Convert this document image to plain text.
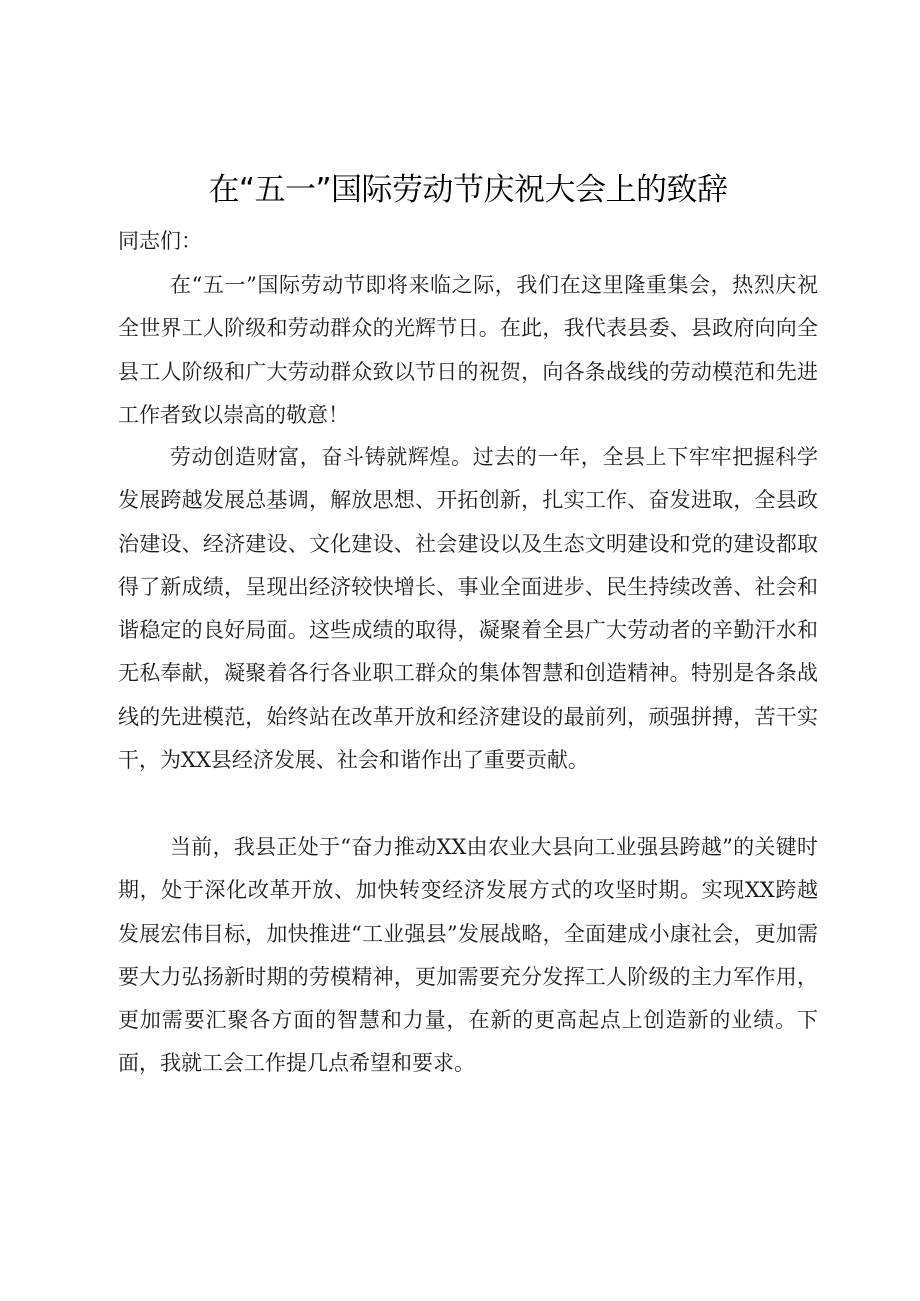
在“五一”国际劳动节庆祝大会上的致辞
同志们：
在“五一”国际劳动节即将来临之际，我们在这里隆重集会，热烈庆祝全世界工人阶级和劳动群众的光辉节日。在此，我代表县委、县政府向向全县工人阶级和广大劳动群众致以节日的祝贺，向各条战线的劳动模范和先进工作者致以崇高的敬意！
劳动创造财富，奋斗铸就辉煌。过去的一年，全县上下牢牢把握科学发展跨越发展总基调，解放思想、开拓创新，扎实工作、奋发进取，全县政治建设、经济建设、文化建设、社会建设以及生态文明建设和党的建设都取得了新成绩，呈现出经济较快增长、事业全面进步、民生持续改善、社会和谐稳定的良好局面。这些成绩的取得，凝聚着全县广大劳动者的辛勤汗水和无私奉献，凝聚着各行各业职工群众的集体智慧和创造精神。特别是各条战线的先进模范，始终站在改革开放和经济建设的最前列，顽强拼搏，苦干实干，为XX县经济发展、社会和谐作出了重要贡献。
当前，我县正处于“奋力推动XX由农业大县向工业强县跨越”的关键时期，处于深化改革开放、加快转变经济发展方式的攻坚时期。实现XX跨越发展宏伟目标，加快推进“工业强县”发展战略，全面建成小康社会，更加需要大力弘扬新时期的劳模精神，更加需要充分发挥工人阶级的主力军作用，更加需要汇聚各方面的智慧和力量，在新的更高起点上创造新的业绩。下面，我就工会工作提几点希望和要求。
